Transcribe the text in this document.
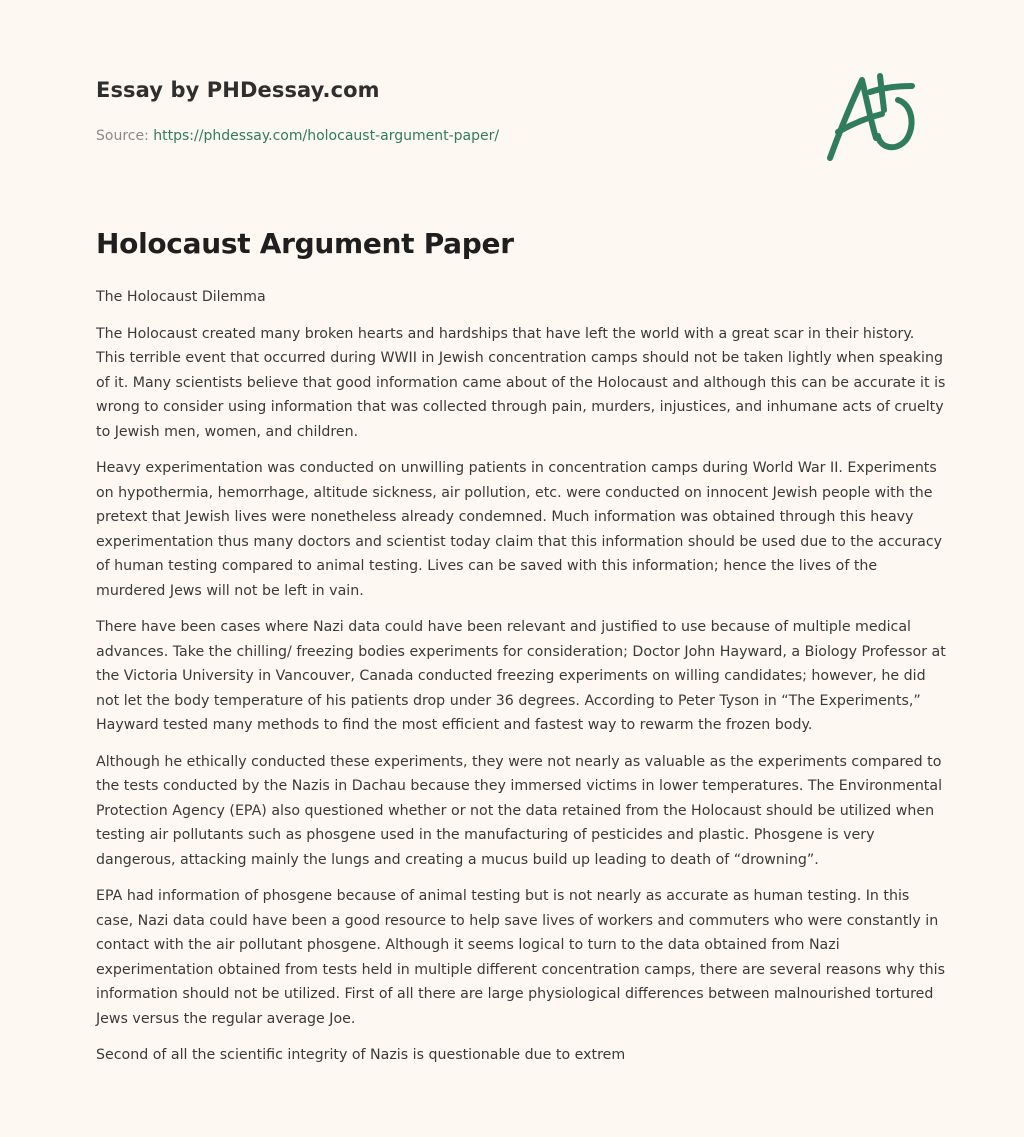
Essay by PHDessay.com
Source: https://phdessay.com/holocaust-argument-paper/
Holocaust Argument Paper

The Holocaust Dilemma

The Holocaust created many broken hearts and hardships that have left the world with a great scar in their history. This terrible event that occurred during WWII in Jewish concentration camps should not be taken lightly when speaking of it. Many scientists believe that good information came about of the Holocaust and although this can be accurate it is wrong to consider using information that was collected through pain, murders, injustices, and inhumane acts of cruelty to Jewish men, women, and children.

Heavy experimentation was conducted on unwilling patients in concentration camps during World War II. Experiments on hypothermia, hemorrhage, altitude sickness, air pollution, etc. were conducted on innocent Jewish people with the pretext that Jewish lives were nonetheless already condemned. Much information was obtained through this heavy experimentation thus many doctors and scientist today claim that this information should be used due to the accuracy of human testing compared to animal testing. Lives can be saved with this information; hence the lives of the murdered Jews will not be left in vain.

There have been cases where Nazi data could have been relevant and justified to use because of multiple medical advances. Take the chilling/ freezing bodies experiments for consideration; Doctor John Hayward, a Biology Professor at the Victoria University in Vancouver, Canada conducted freezing experiments on willing candidates; however, he did not let the body temperature of his patients drop under 36 degrees. According to Peter Tyson in “The Experiments,” Hayward tested many methods to find the most efficient and fastest way to rewarm the frozen body.

Although he ethically conducted these experiments, they were not nearly as valuable as the experiments compared to the tests conducted by the Nazis in Dachau because they immersed victims in lower temperatures. The Environmental Protection Agency (EPA) also questioned whether or not the data retained from the Holocaust should be utilized when testing air pollutants such as phosgene used in the manufacturing of pesticides and plastic. Phosgene is very dangerous, attacking mainly the lungs and creating a mucus build up leading to death of “drowning”.

EPA had information of phosgene because of animal testing but is not nearly as accurate as human testing. In this case, Nazi data could have been a good resource to help save lives of workers and commuters who were constantly in contact with the air pollutant phosgene. Although it seems logical to turn to the data obtained from Nazi experimentation obtained from tests held in multiple different concentration camps, there are several reasons why this information should not be utilized. First of all there are large physiological differences between malnourished tortured Jews versus the regular average Joe.

Second of all the scientific integrity of Nazis is questionable due to extrem
